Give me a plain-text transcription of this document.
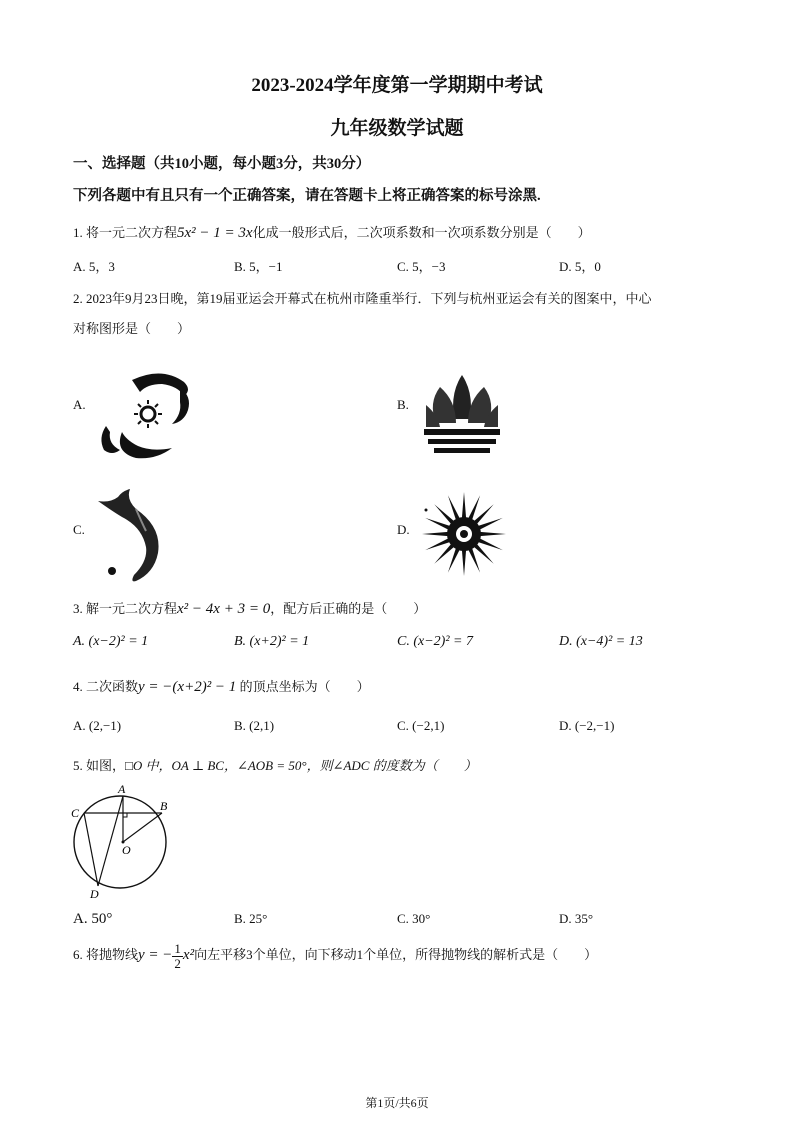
2023-2024学年度第一学期期中考试
九年级数学试题
一、选择题（共10小题，每小题3分，共30分）
下列各题中有且只有一个正确答案，请在答题卡上将正确答案的标号涂黑.
1. 将一元二次方程5x² − 1 = 3x化成一般形式后，二次项系数和一次项系数分别是（　　）
A. 5，3	B. 5，−1	C. 5，−3	D. 5，0
2. 2023年9月23日晚，第19届亚运会开幕式在杭州市隆重举行．下列与杭州亚运会有关的图案中，中心
对称图形是（　　）
A.	B.
C.	D.
3. 解一元二次方程x² − 4x + 3 = 0，配方后正确的是（　　）
A. (x−2)² = 1	B. (x+2)² = 1	C. (x−2)² = 7	D. (x−4)² = 13
4. 二次函数y = −(x+2)² − 1 的顶点坐标为（　　）
A. (2,−1)	B. (2,1)	C. (−2,1)	D. (−2,−1)
5. 如图，□O 中，OA ⊥ BC，∠AOB = 50°，则∠ADC 的度数为（　　）
A
B
C
D
O
A. 50°	B. 25°	C. 30°	D. 35°
6. 将抛物线y = − $\frac{1}{2} x^2$向左平移3个单位，向下移动1个单位，所得抛物线的解析式是（　　）
第1页/共6页
